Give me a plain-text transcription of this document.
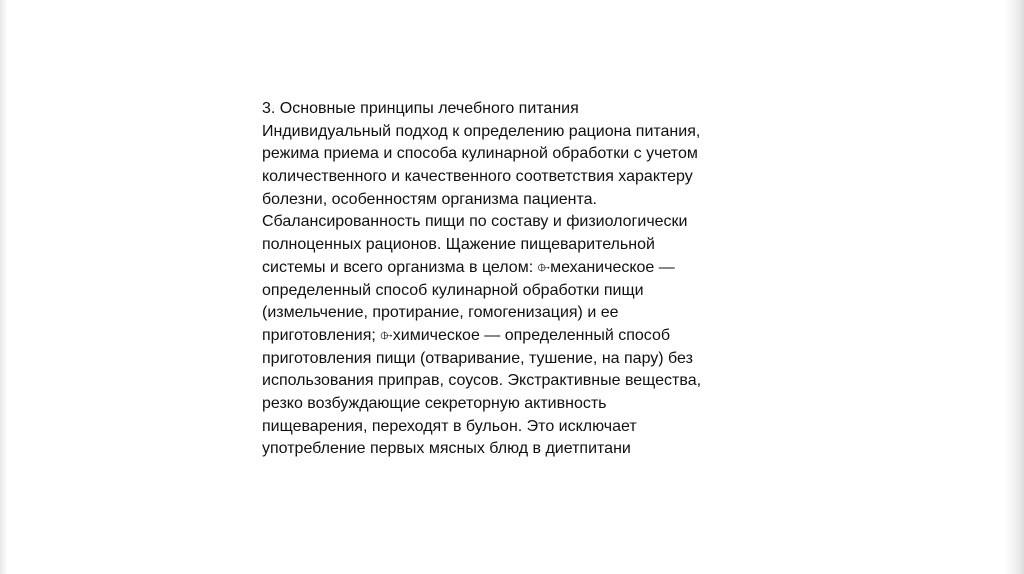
3. Основные принципы лечебного питания
Индивидуальный подход к определению рациона питания,
режима приема и способа кулинарной обработки с учетом
количественного и качественного соответствия характеру
болезни, особенностям организма пациента.
Сбалансированность пищи по составу и физиологически
полноценных рационов. Щажение пищеварительной
системы и всего организма в целом: ⌱механическое —
определенный способ кулинарной обработки пищи
(измельчение, протирание, гомогенизация) и ее
приготовления; ⌱химическое — определенный способ
приготовления пищи (отваривание, тушение, на пару) без
использования приправ, соусов. Экстрактивные вещества,
резко возбуждающие секреторную активность
пищеварения, переходят в бульон. Это исключает
употребление первых мясных блюд в диетпитани
